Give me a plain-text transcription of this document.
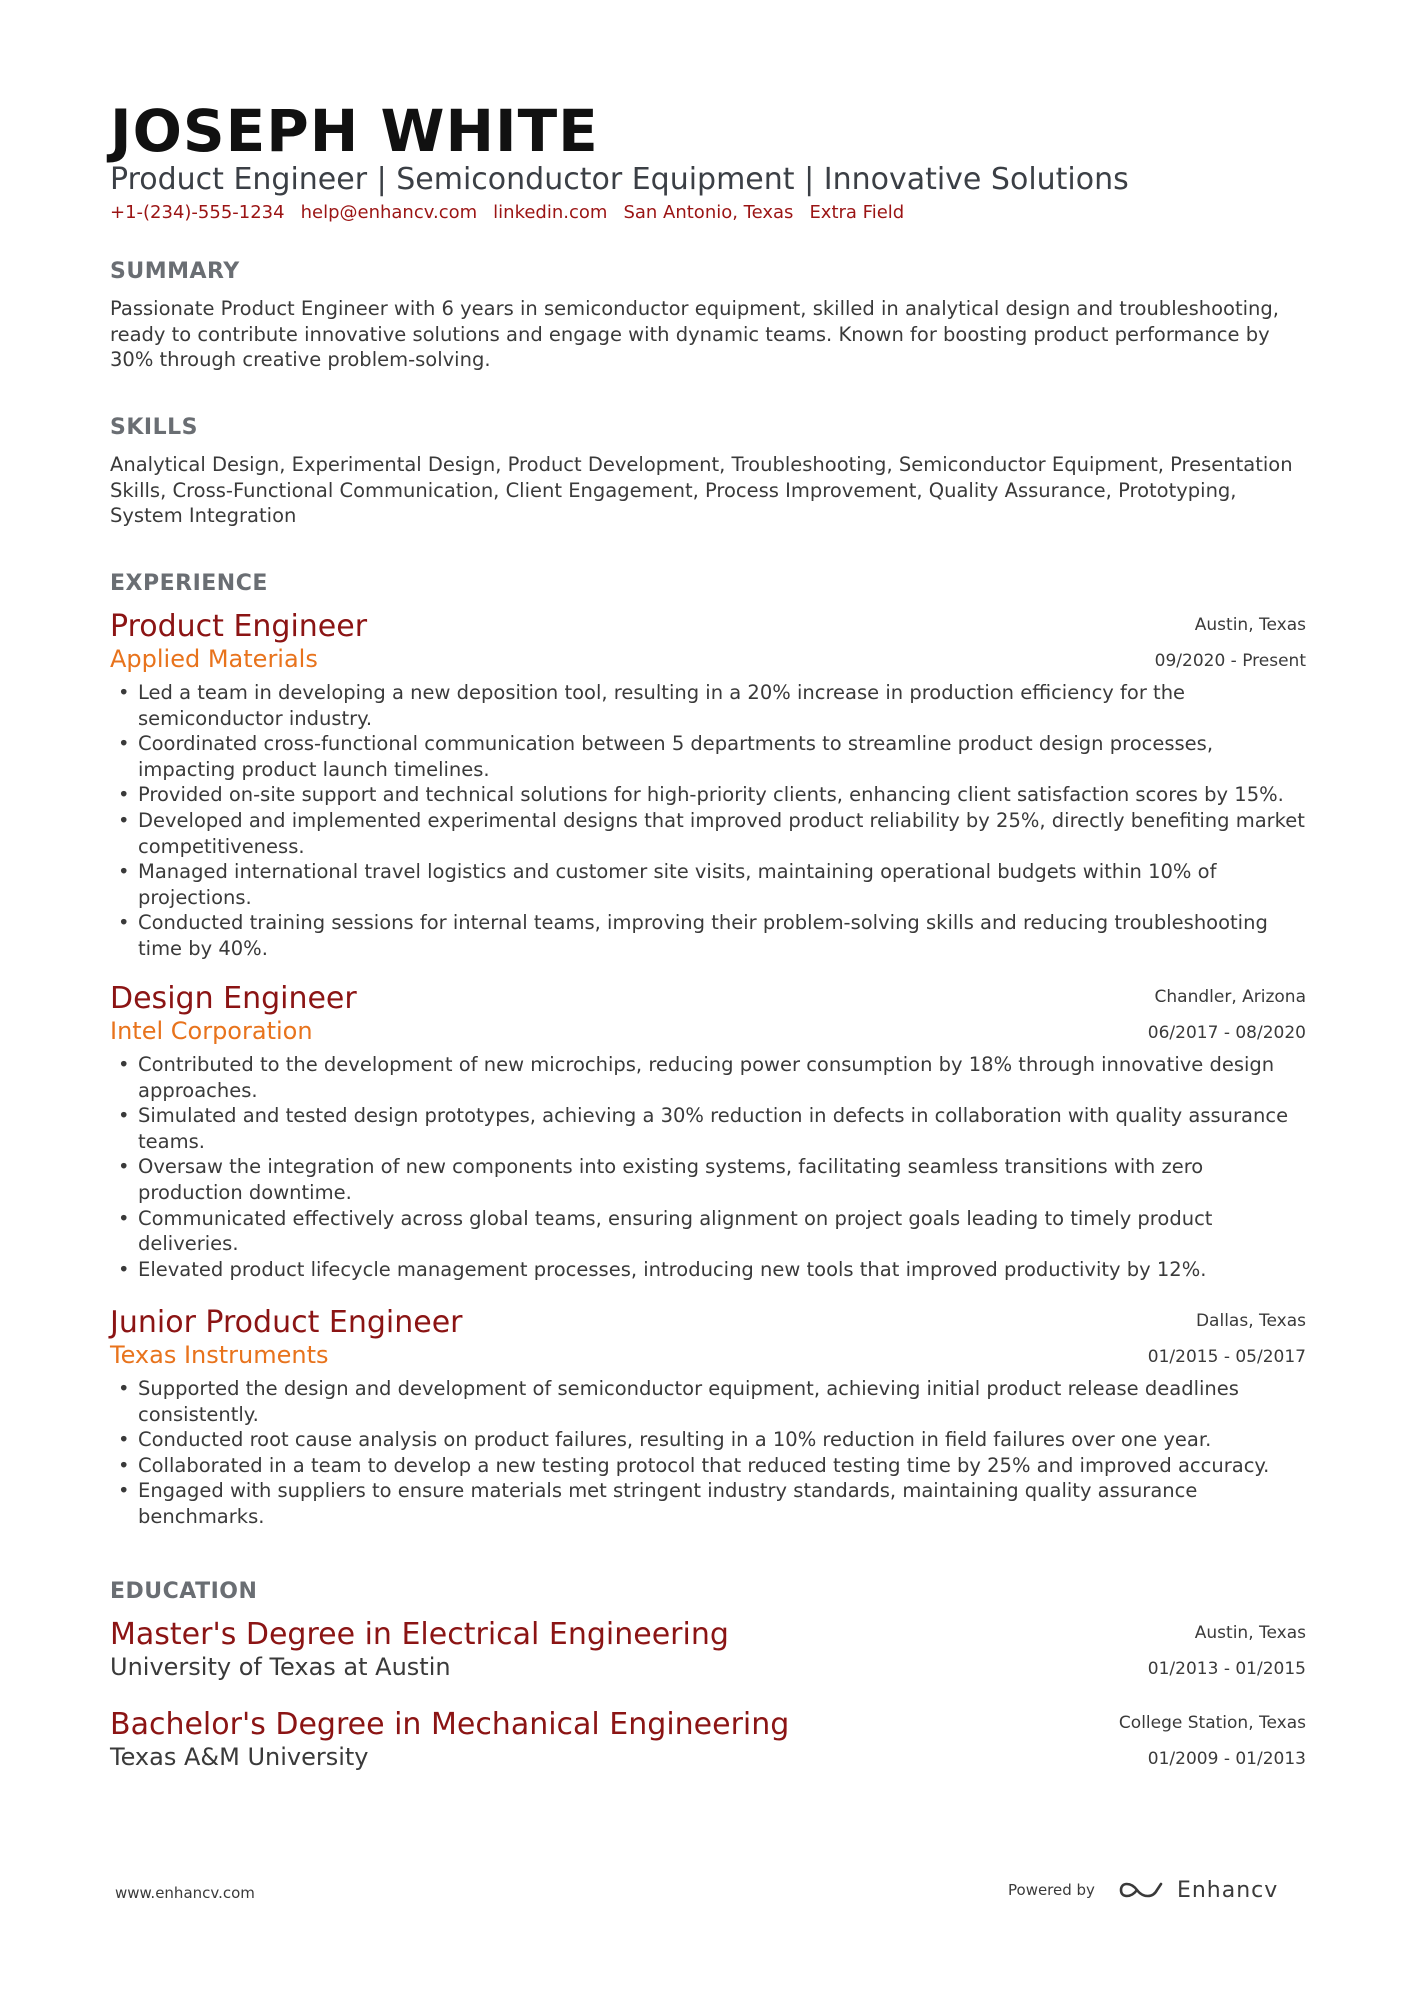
JOSEPH WHITE
Product Engineer | Semiconductor Equipment | Innovative Solutions
+1-(234)-555-1234 help@enhancv.com linkedin.com San Antonio, Texas Extra Field
SUMMARY
Passionate Product Engineer with 6 years in semiconductor equipment, skilled in analytical design and troubleshooting, ready to contribute innovative solutions and engage with dynamic teams. Known for boosting product performance by 30% through creative problem-solving.
SKILLS
Analytical Design, Experimental Design, Product Development, Troubleshooting, Semiconductor Equipment, Presentation Skills, Cross-Functional Communication, Client Engagement, Process Improvement, Quality Assurance, Prototyping, System Integration
EXPERIENCE
Product Engineer
Applied Materials
Austin, Texas
09/2020 - Present
• Led a team in developing a new deposition tool, resulting in a 20% increase in production efficiency for the semiconductor industry.
• Coordinated cross-functional communication between 5 departments to streamline product design processes, impacting product launch timelines.
• Provided on-site support and technical solutions for high-priority clients, enhancing client satisfaction scores by 15%.
• Developed and implemented experimental designs that improved product reliability by 25%, directly benefiting market competitiveness.
• Managed international travel logistics and customer site visits, maintaining operational budgets within 10% of projections.
• Conducted training sessions for internal teams, improving their problem-solving skills and reducing troubleshooting time by 40%.
Design Engineer
Intel Corporation
Chandler, Arizona
06/2017 - 08/2020
• Contributed to the development of new microchips, reducing power consumption by 18% through innovative design approaches.
• Simulated and tested design prototypes, achieving a 30% reduction in defects in collaboration with quality assurance teams.
• Oversaw the integration of new components into existing systems, facilitating seamless transitions with zero production downtime.
• Communicated effectively across global teams, ensuring alignment on project goals leading to timely product deliveries.
• Elevated product lifecycle management processes, introducing new tools that improved productivity by 12%.
Junior Product Engineer
Texas Instruments
Dallas, Texas
01/2015 - 05/2017
• Supported the design and development of semiconductor equipment, achieving initial product release deadlines consistently.
• Conducted root cause analysis on product failures, resulting in a 10% reduction in field failures over one year.
• Collaborated in a team to develop a new testing protocol that reduced testing time by 25% and improved accuracy.
• Engaged with suppliers to ensure materials met stringent industry standards, maintaining quality assurance benchmarks.
EDUCATION
Master's Degree in Electrical Engineering
University of Texas at Austin
Austin, Texas
01/2013 - 01/2015
Bachelor's Degree in Mechanical Engineering
Texas A&M University
College Station, Texas
01/2009 - 01/2013
www.enhancv.com	Powered by	Enhancv
